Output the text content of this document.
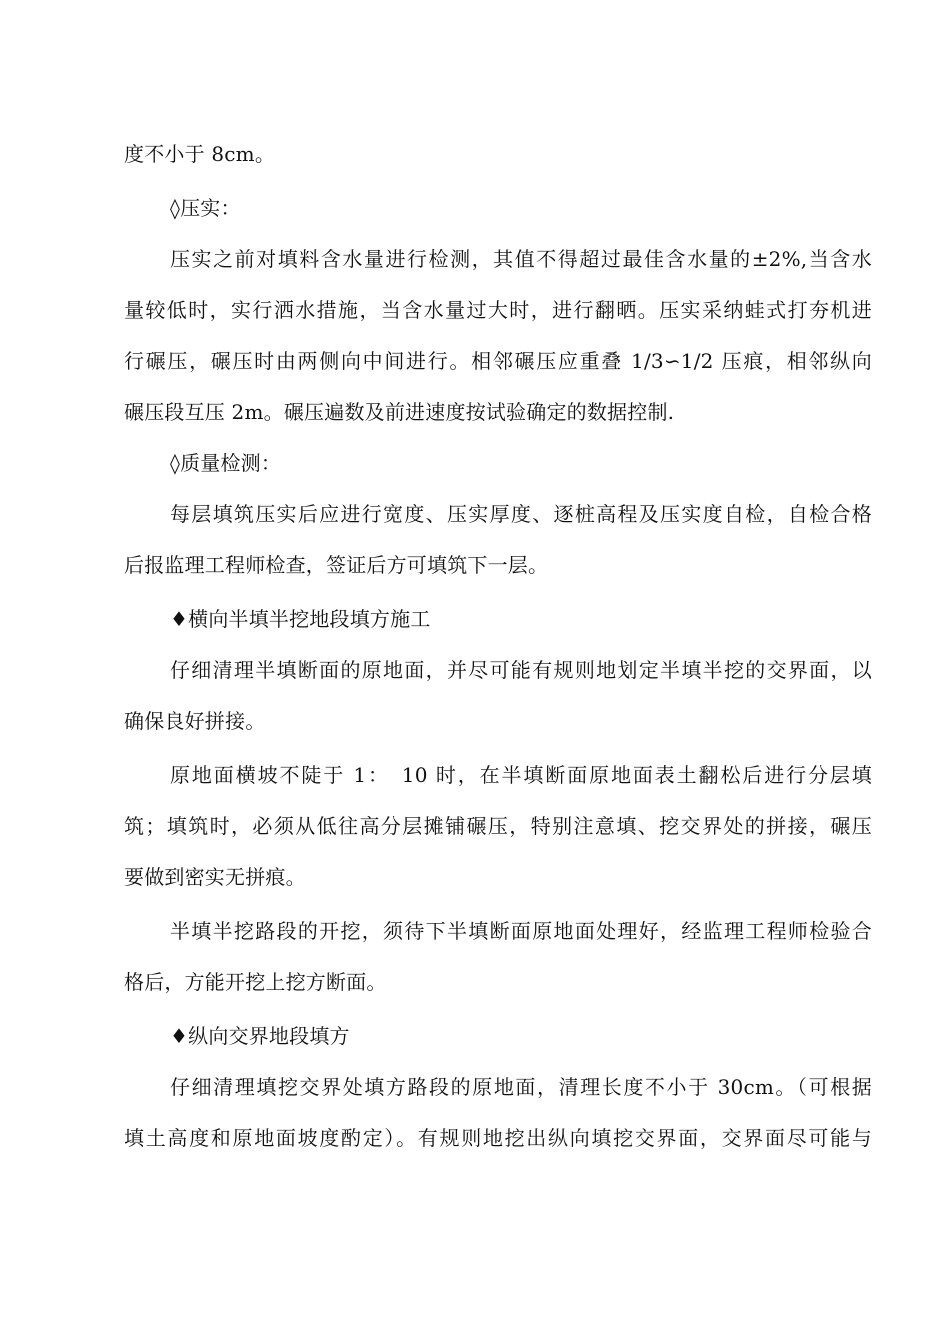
度不小于 8cm。
◊压实：
压实之前对填料含水量进行检测，其值不得超过最佳含水量的±2%,当含水
量较低时，实行洒水措施，当含水量过大时，进行翻晒。压实采纳蛙式打夯机进
行碾压，碾压时由两侧向中间进行。相邻碾压应重叠 1/3∽1/2 压痕，相邻纵向
碾压段互压 2m。碾压遍数及前进速度按试验确定的数据控制.
◊质量检测：
每层填筑压实后应进行宽度、压实厚度、逐桩高程及压实度自检，自检合格
后报监理工程师检查，签证后方可填筑下一层。
♦横向半填半挖地段填方施工
仔细清理半填断面的原地面，并尽可能有规则地划定半填半挖的交界面，以
确保良好拼接。
原地面横坡不陡于 1：　10 时，在半填断面原地面表土翻松后进行分层填
筑；填筑时，必须从低往高分层摊铺碾压，特别注意填、挖交界处的拼接，碾压
要做到密实无拼痕。
半填半挖路段的开挖，须待下半填断面原地面处理好，经监理工程师检验合
格后，方能开挖上挖方断面。
♦纵向交界地段填方
仔细清理填挖交界处填方路段的原地面，清理长度不小于 30cm。（可根据
填土高度和原地面坡度酌定）。有规则地挖出纵向填挖交界面，交界面尽可能与
